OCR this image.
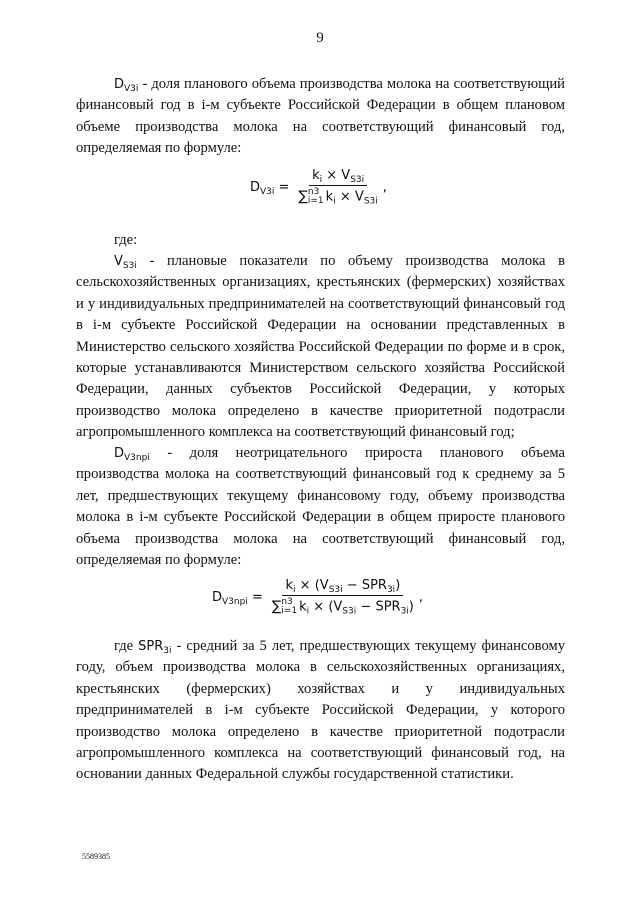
9

$D_{V3i}$ - доля планового объема производства молока на соответствующий финансовый год в i-м субъекте Российской Федерации в общем плановом объеме производства молока на соответствующий финансовый год, определяемая по формуле:

$D_{V3i} = k_i \times V_{S3i}$
∑ n3
i=1 $k_i \times V_{S3i}$ ,

где:

$V_{S3i}$ - плановые показатели по объему производства молока в сельскохозяйственных организациях, крестьянских (фермерских) хозяйствах и у индивидуальных предпринимателей на соответствующий финансовый год в i-м субъекте Российской Федерации на основании представленных в Министерство сельского хозяйства Российской Федерации по форме и в срок, которые устанавливаются Министерством сельского хозяйства Российской Федерации, данных субъектов Российской Федерации, у которых производство молока определено в качестве приоритетной подотрасли агропромышленного комплекса на соответствующий финансовый год;

$D_{V3npi}$ - доля неотрицательного прироста планового объема производства молока на соответствующий финансовый год к среднему за 5 лет, предшествующих текущему финансовому году, объему производства молока в i-м субъекте Российской Федерации в общем приросте планового объема производства молока на соответствующий финансовый год, определяемая по формуле:

$D_{V3npi} = k_i \times (V_{S3i} - SPR_{3i})$
∑ n3
i=1 $k_i \times (V_{S3i} - SPR_{3i})$ ,

где $SPR_{3i}$ - средний за 5 лет, предшествующих текущему финансовому году, объем производства молока в сельскохозяйственных организациях, крестьянских (фермерских) хозяйствах и у индивидуальных предпринимателей в i-м субъекте Российской Федерации, у которого производство молока определено в качестве приоритетной подотрасли агропромышленного комплекса на соответствующий финансовый год, на основании данных Федеральной службы государственной статистики.

5589385
